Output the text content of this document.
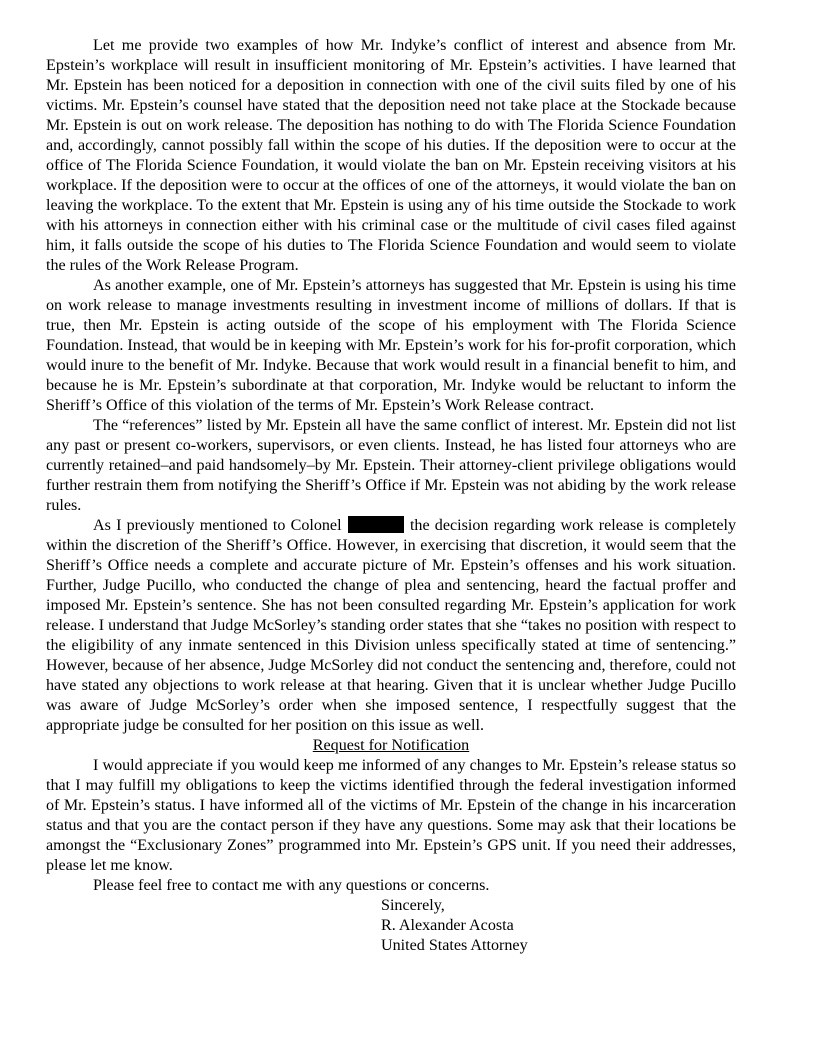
Let me provide two examples of how Mr. Indyke’s conflict of interest and absence from Mr. Epstein’s workplace will result in insufficient monitoring of Mr. Epstein’s activities. I have learned that Mr. Epstein has been noticed for a deposition in connection with one of the civil suits filed by one of his victims. Mr. Epstein’s counsel have stated that the deposition need not take place at the Stockade because Mr. Epstein is out on work release. The deposition has nothing to do with The Florida Science Foundation and, accordingly, cannot possibly fall within the scope of his duties. If the deposition were to occur at the office of The Florida Science Foundation, it would violate the ban on Mr. Epstein receiving visitors at his workplace. If the deposition were to occur at the offices of one of the attorneys, it would violate the ban on leaving the workplace. To the extent that Mr. Epstein is using any of his time outside the Stockade to work with his attorneys in connection either with his criminal case or the multitude of civil cases filed against him, it falls outside the scope of his duties to The Florida Science Foundation and would seem to violate the rules of the Work Release Program.

As another example, one of Mr. Epstein’s attorneys has suggested that Mr. Epstein is using his time on work release to manage investments resulting in investment income of millions of dollars. If that is true, then Mr. Epstein is acting outside of the scope of his employment with The Florida Science Foundation. Instead, that would be in keeping with Mr. Epstein’s work for his for-profit corporation, which would inure to the benefit of Mr. Indyke. Because that work would result in a financial benefit to him, and because he is Mr. Epstein’s subordinate at that corporation, Mr. Indyke would be reluctant to inform the Sheriff’s Office of this violation of the terms of Mr. Epstein’s Work Release contract.

The “references” listed by Mr. Epstein all have the same conflict of interest. Mr. Epstein did not list any past or present co-workers, supervisors, or even clients. Instead, he has listed four attorneys who are currently retained–and paid handsomely–by Mr. Epstein. Their attorney-client privilege obligations would further restrain them from notifying the Sheriff’s Office if Mr. Epstein was not abiding by the work release rules.

As I previously mentioned to Colonel	the decision regarding work release is completely within the discretion of the Sheriff’s Office. However, in exercising that discretion, it would seem that the Sheriff’s Office needs a complete and accurate picture of Mr. Epstein’s offenses and his work situation. Further, Judge Pucillo, who conducted the change of plea and sentencing, heard the factual proffer and imposed Mr. Epstein’s sentence. She has not been consulted regarding Mr. Epstein’s application for work release. I understand that Judge McSorley’s standing order states that she “takes no position with respect to the eligibility of any inmate sentenced in this Division unless specifically stated at time of sentencing.” However, because of her absence, Judge McSorley did not conduct the sentencing and, therefore, could not have stated any objections to work release at that hearing. Given that it is unclear whether Judge Pucillo was aware of Judge McSorley’s order when she imposed sentence, I respectfully suggest that the appropriate judge be consulted for her position on this issue as well.

Request for Notification

I would appreciate if you would keep me informed of any changes to Mr. Epstein’s release status so that I may fulfill my obligations to keep the victims identified through the federal investigation informed of Mr. Epstein’s status. I have informed all of the victims of Mr. Epstein of the change in his incarceration status and that you are the contact person if they have any questions. Some may ask that their locations be amongst the “Exclusionary Zones” programmed into Mr. Epstein’s GPS unit. If you need their addresses, please let me know.

Please feel free to contact me with any questions or concerns.

Sincerely,

R. Alexander Acosta

United States Attorney
